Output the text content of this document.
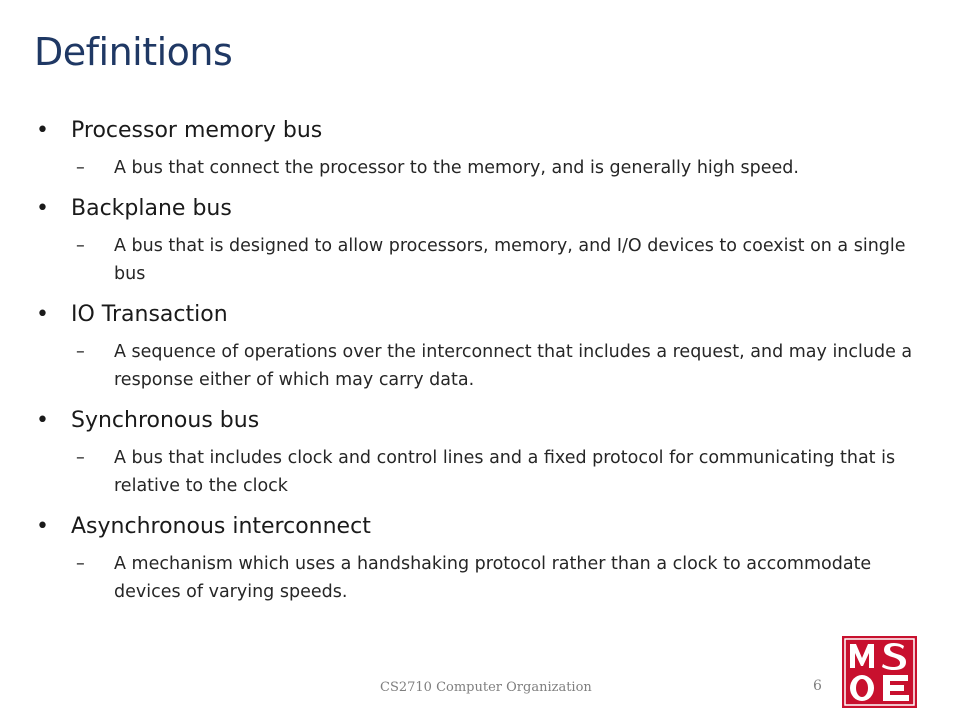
Definitions
• Processor memory bus
– A bus that connect the processor to the memory, and is generally high speed.
• Backplane bus
– A bus that is designed to allow processors, memory, and I/O devices to coexist on a single bus
• IO Transaction
– A sequence of operations over the interconnect that includes a request, and may include a response either of which may carry data.
• Synchronous bus
– A bus that includes clock and control lines and a fixed protocol for communicating that is relative to the clock
• Asynchronous interconnect
– A mechanism which uses a handshaking protocol rather than a clock to accommodate devices of varying speeds.
CS2710 Computer Organization	6
